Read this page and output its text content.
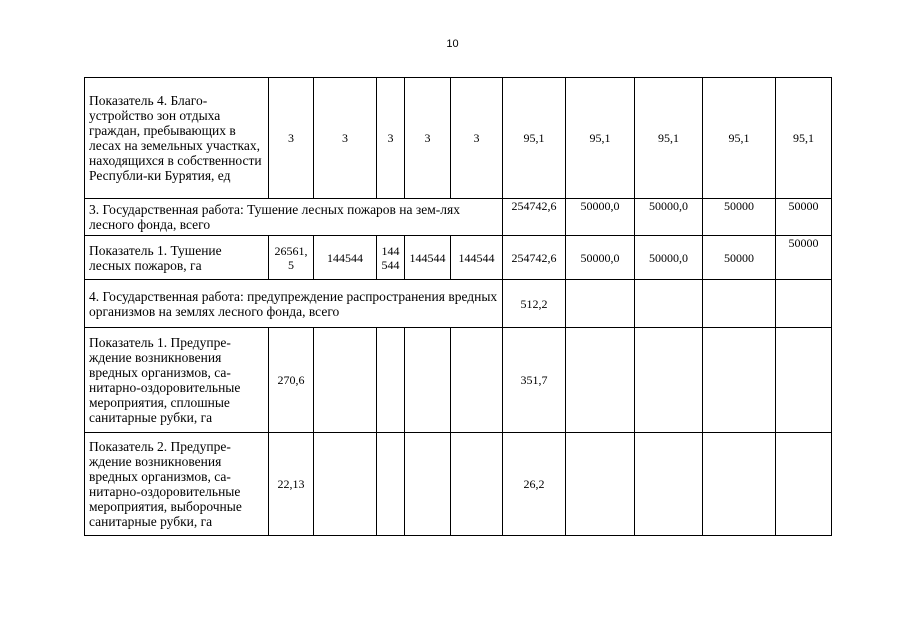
10
Показатель 4. Благо-устройство зон отдыха граждан, пребывающих в лесах на земельных участках, находящихся в собственности Республи-ки Бурятия, ед	3	3	3	3	3	95,1	95,1	95,1	95,1	95,1
3. Государственная работа: Тушение лесных пожаров на зем-лях лесного фонда, всего						254742,6	50000,0	50000,0	50000	50000
Показатель 1. Тушение лесных пожаров, га	26561,5	144544	144544	144544	144544	254742,6	50000,0	50000,0	50000	50000
4. Государственная работа: предупреждение распространения вредных организмов на землях лесного фонда, всего						512,2				
Показатель 1. Предупре-ждение возникновения вредных организмов, са-нитарно-оздоровительные мероприятия, сплошные санитарные рубки, га	270,6					351,7				
Показатель 2. Предупре-ждение возникновения вредных организмов, са-нитарно-оздоровительные мероприятия, выборочные санитарные рубки, га	22,13					26,2				
